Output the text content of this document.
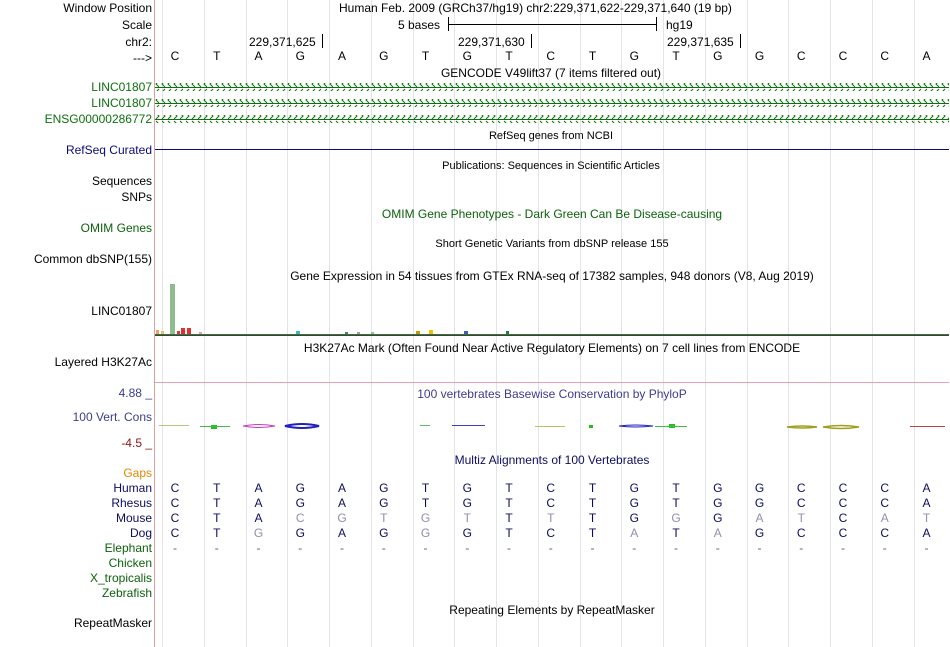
Window Position	Human Feb. 2009 (GRCh37/hg19) chr2:229,371,622-229,371,640 (19 bp)
Scale	5 bases	hg19
chr2:	229,371,625	229,371,630	229,371,635
--->	C	T	A	G	A	G	T	G	T	C	T	G	T	G	G	C	C	C	A
GENCODE V49lift37 (7 items filtered out)
LINC01807
LINC01807
ENSG00000286772
RefSeq genes from NCBI
RefSeq Curated
Publications: Sequences in Scientific Articles
Sequences
SNPs
OMIM Gene Phenotypes - Dark Green Can Be Disease-causing
OMIM Genes
Short Genetic Variants from dbSNP release 155
Common dbSNP(155)
Gene Expression in 54 tissues from GTEx RNA-seq of 17382 samples, 948 donors (V8, Aug 2019)
LINC01807
H3K27Ac Mark (Often Found Near Active Regulatory Elements) on 7 cell lines from ENCODE
Layered H3K27Ac
100 vertebrates Basewise Conservation by PhyloP
4.88 _
100 Vert. Cons
-4.5 _
Multiz Alignments of 100 Vertebrates
Gaps
Human	C	T	A	G	A	G	T	G	T	C	T	G	T	G	G	C	C	C	A
Rhesus	C	T	A	G	A	G	T	G	T	C	T	G	T	G	G	C	C	C	A
Mouse	C	T	A	C	G	T	G	T	T	T	T	G	G	G	A	T	C	A	T
Dog	C	T	G	G	A	G	G	G	T	C	T	A	T	A	G	C	C	C	A
Elephant	-	-	-	-	-	-	-	-	-	-	-	-	-	-	-	-	-	-	-
Chicken
X_tropicalis
Zebrafish
Repeating Elements by RepeatMasker
RepeatMasker
